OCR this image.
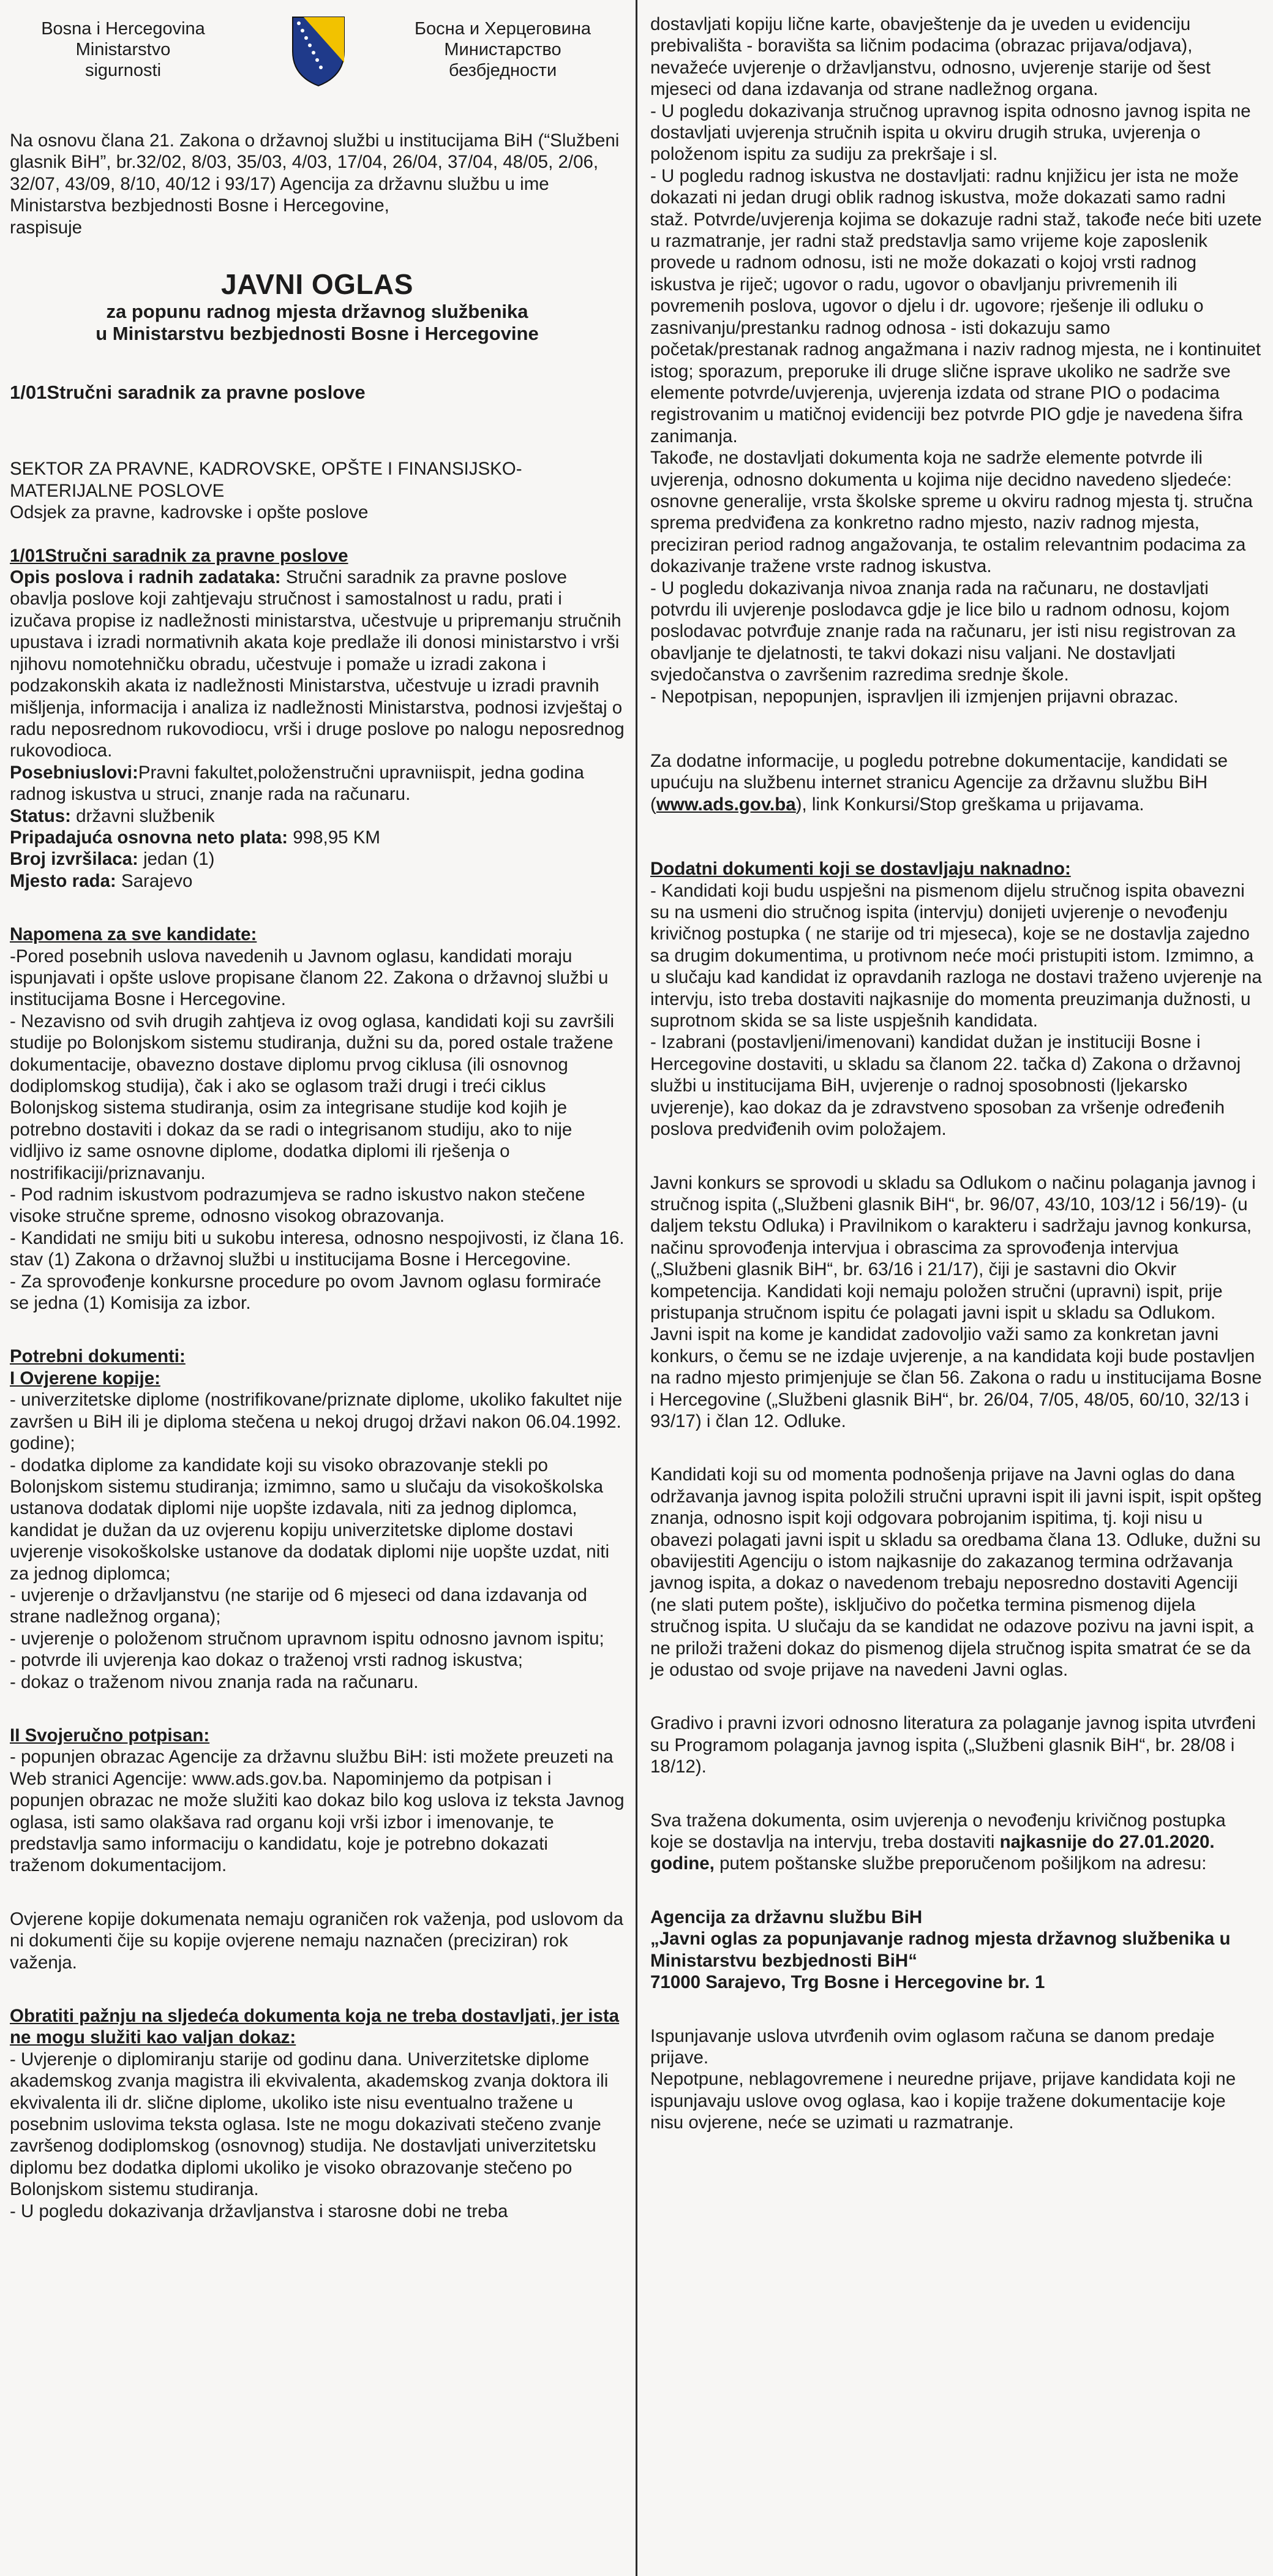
Bosna i Hercegovina
Ministarstvo
sigurnosti
Босна и Херцеговина
Министарство
безбједности

Na osnovu člana 21. Zakona o državnoj službi u institucijama BiH (“Službeni glasnik BiH”, br.32/02, 8/03, 35/03, 4/03, 17/04, 26/04, 37/04, 48/05, 2/06, 32/07, 43/09, 8/10, 40/12 i 93/17) Agencija za državnu službu u ime Ministarstva bezbjednosti Bosne i Hercegovine,

raspisuje

JAVNI OGLAS
za popunu radnog mjesta državnog službenika
u Ministarstvu bezbjednosti Bosne i Hercegovine
1/01Stručni saradnik za pravne poslove

SEKTOR ZA PRAVNE, KADROVSKE, OPŠTE I FINANSIJSKO-MATERIJALNE POSLOVE

Odsjek za pravne, kadrovske i opšte poslove

1/01Stručni saradnik za pravne poslove

Opis poslova i radnih zadataka: Stručni saradnik za pravne poslove obavlja poslove koji zahtjevaju stručnost i samostalnost u radu, prati i izučava propise iz nadležnosti ministarstva, učestvuje u pripremanju stručnih upustava i izradi normativnih akata koje predlaže ili donosi ministarstvo i vrši njihovu nomotehničku obradu, učestvuje i pomaže u izradi zakona i podzakonskih akata iz nadležnosti Ministarstva, učestvuje u izradi pravnih mišljenja, informacija i analiza iz nadležnosti Ministarstva, podnosi izvještaj o radu neposrednom rukovodiocu, vrši i druge poslove po nalogu neposrednog rukovodioca.

Posebniuslovi:Pravni fakultet,položenstručni upravniispit, jedna godina radnog iskustva u struci, znanje rada na računaru.

Status: državni službenik

Pripadajuća osnovna neto plata: 998,95 KM

Broj izvršilaca: jedan (1)

Mjesto rada: Sarajevo

Napomena za sve kandidate:

-Pored posebnih uslova navedenih u Javnom oglasu, kandidati moraju ispunjavati i opšte uslove propisane članom 22. Zakona o državnoj službi u institucijama Bosne i Hercegovine.

- Nezavisno od svih drugih zahtjeva iz ovog oglasa, kandidati koji su završili studije po Bolonjskom sistemu studiranja, dužni su da, pored ostale tražene dokumentacije, obavezno dostave diplomu prvog ciklusa (ili osnovnog dodiplomskog studija), čak i ako se oglasom traži drugi i treći ciklus Bolonjskog sistema studiranja, osim za integrisane studije kod kojih je potrebno dostaviti i dokaz da se radi o integrisanom studiju, ako to nije vidljivo iz same osnovne diplome, dodatka diplomi ili rješenja o nostrifikaciji/priznavanju.

- Pod radnim iskustvom podrazumjeva se radno iskustvo nakon stečene visoke stručne spreme, odnosno visokog obrazovanja.

- Kandidati ne smiju biti u sukobu interesa, odnosno nespojivosti, iz člana 16. stav (1) Zakona o državnoj službi u institucijama Bosne i Hercegovine.

- Za sprovođenje konkursne procedure po ovom Javnom oglasu formiraće se jedna (1) Komisija za izbor.

Potrebni dokumenti:

I Ovjerene kopije:

- univerzitetske diplome (nostrifikovane/priznate diplome, ukoliko fakultet nije završen u BiH ili je diploma stečena u nekoj drugoj državi nakon 06.04.1992. godine);

- dodatka diplome za kandidate koji su visoko obrazovanje stekli po Bolonjskom sistemu studiranja; izmimno, samo u slučaju da visokoškolska ustanova dodatak diplomi nije uopšte izdavala, niti za jednog diplomca, kandidat je dužan da uz ovjerenu kopiju univerzitetske diplome dostavi uvjerenje visokoškolske ustanove da dodatak diplomi nije uopšte uzdat, niti za jednog diplomca;

- uvjerenje o državljanstvu (ne starije od 6 mjeseci od dana izdavanja od strane nadležnog organa);

- uvjerenje o položenom stručnom upravnom ispitu odnosno javnom ispitu;

- potvrde ili uvjerenja kao dokaz o traženoj vrsti radnog iskustva;

- dokaz o traženom nivou znanja rada na računaru.

II Svojeručno potpisan:

- popunjen obrazac Agencije za državnu službu BiH: isti možete preuzeti na Web stranici Agencije: www.ads.gov.ba. Napominjemo da potpisan i popunjen obrazac ne može služiti kao dokaz bilo kog uslova iz teksta Javnog oglasa, isti samo olakšava rad organu koji vrši izbor i imenovanje, te predstavlja samo informaciju o kandidatu, koje je potrebno dokazati traženom dokumentacijom.

Ovjerene kopije dokumenata nemaju ograničen rok važenja, pod uslovom da ni dokumenti čije su kopije ovjerene nemaju naznačen (preciziran) rok važenja.

Obratiti pažnju na sljedeća dokumenta koja ne treba dostavljati, jer ista ne mogu služiti kao valjan dokaz:

- Uvjerenje o diplomiranju starije od godinu dana. Univerzitetske diplome akademskog zvanja magistra ili ekvivalenta, akademskog zvanja doktora ili ekvivalenta ili dr. slične diplome, ukoliko iste nisu eventualno tražene u posebnim uslovima teksta oglasa. Iste ne mogu dokazivati stečeno zvanje završenog dodiplomskog (osnovnog) studija. Ne dostavljati univerzitetsku diplomu bez dodatka diplomi ukoliko je visoko obrazovanje stečeno po Bolonjskom sistemu studiranja.

- U pogledu dokazivanja državljanstva i starosne dobi ne treba

dostavljati kopiju lične karte, obavještenje da je uveden u evidenciju prebivališta - boravišta sa ličnim podacima (obrazac prijava/odjava), nevažeće uvjerenje o državljanstvu, odnosno, uvjerenje starije od šest mjeseci od dana izdavanja od strane nadležnog organa.

- U pogledu dokazivanja stručnog upravnog ispita odnosno javnog ispita ne dostavljati uvjerenja stručnih ispita u okviru drugih struka, uvjerenja o položenom ispitu za sudiju za prekršaje i sl.

- U pogledu radnog iskustva ne dostavljati: radnu knjižicu jer ista ne može dokazati ni jedan drugi oblik radnog iskustva, može dokazati samo radni staž. Potvrde/uvjerenja kojima se dokazuje radni staž, takođe neće biti uzete u razmatranje, jer radni staž predstavlja samo vrijeme koje zaposlenik provede u radnom odnosu, isti ne može dokazati o kojoj vrsti radnog iskustva je riječ; ugovor o radu, ugovor o obavljanju privremenih ili povremenih poslova, ugovor o djelu i dr. ugovore; rješenje ili odluku o zasnivanju/prestanku radnog odnosa - isti dokazuju samo početak/prestanak radnog angažmana i naziv radnog mjesta, ne i kontinuitet istog; sporazum, preporuke ili druge slične isprave ukoliko ne sadrže sve elemente potvrde/uvjerenja, uvjerenja izdata od strane PIO o podacima registrovanim u matičnoj evidenciji bez potvrde PIO gdje je navedena šifra zanimanja.

Takođe, ne dostavljati dokumenta koja ne sadrže elemente potvrde ili uvjerenja, odnosno dokumenta u kojima nije decidno navedeno sljedeće: osnovne generalije, vrsta školske spreme u okviru radnog mjesta tj. stručna sprema predviđena za konkretno radno mjesto, naziv radnog mjesta, preciziran period radnog angažovanja, te ostalim relevantnim podacima za dokazivanje tražene vrste radnog iskustva.

- U pogledu dokazivanja nivoa znanja rada na računaru, ne dostavljati potvrdu ili uvjerenje poslodavca gdje je lice bilo u radnom odnosu, kojom poslodavac potvrđuje znanje rada na računaru, jer isti nisu registrovan za obavljanje te djelatnosti, te takvi dokazi nisu valjani. Ne dostavljati svjedočanstva o završenim razredima srednje škole.

- Nepotpisan, nepopunjen, ispravljen ili izmjenjen prijavni obrazac.

Za dodatne informacije, u pogledu potrebne dokumentacije, kandidati se upućuju na službenu internet stranicu Agencije za državnu službu BiH (www.ads.gov.ba), link Konkursi/Stop greškama u prijavama.

Dodatni dokumenti koji se dostavljaju naknadno:

- Kandidati koji budu uspješni na pismenom dijelu stručnog ispita obavezni su na usmeni dio stručnog ispita (intervju) donijeti uvjerenje o nevođenju krivičnog postupka ( ne starije od tri mjeseca), koje se ne dostavlja zajedno sa drugim dokumentima, u protivnom neće moći pristupiti istom. Izmimno, a u slučaju kad kandidat iz opravdanih razloga ne dostavi traženo uvjerenje na intervju, isto treba dostaviti najkasnije do momenta preuzimanja dužnosti, u suprotnom skida se sa liste uspješnih kandidata.

- Izabrani (postavljeni/imenovani) kandidat dužan je instituciji Bosne i Hercegovine dostaviti, u skladu sa članom 22. tačka d) Zakona o državnoj službi u institucijama BiH, uvjerenje o radnoj sposobnosti (ljekarsko uvjerenje), kao dokaz da je zdravstveno sposoban za vršenje određenih poslova predviđenih ovim položajem.

Javni konkurs se sprovodi u skladu sa Odlukom o načinu polaganja javnog i stručnog ispita („Službeni glasnik BiH“, br. 96/07, 43/10, 103/12 i 56/19)- (u daljem tekstu Odluka) i Pravilnikom o karakteru i sadržaju javnog konkursa, načinu sprovođenja intervjua i obrascima za sprovođenja intervjua („Službeni glasnik BiH“, br. 63/16 i 21/17), čiji je sastavni dio Okvir kompetencija. Kandidati koji nemaju položen stručni (upravni) ispit, prije pristupanja stručnom ispitu će polagati javni ispit u skladu sa Odlukom. Javni ispit na kome je kandidat zadovoljio važi samo za konkretan javni konkurs, o čemu se ne izdaje uvjerenje, a na kandidata koji bude postavljen na radno mjesto primjenjuje se član 56. Zakona o radu u institucijama Bosne i Hercegovine („Službeni glasnik BiH“, br. 26/04, 7/05, 48/05, 60/10, 32/13 i 93/17) i član 12. Odluke.

Kandidati koji su od momenta podnošenja prijave na Javni oglas do dana održavanja javnog ispita položili stručni upravni ispit ili javni ispit, ispit opštеg znanja, odnosno ispit koji odgovara pobrojanim ispitima, tj. koji nisu u obavezi polagati javni ispit u skladu sa oredbama člana 13. Odluke, dužni su obavijestiti Agenciju o istom najkasnije do zakazanog termina održavanja javnog ispita, a dokaz o navedenom trebaju neposredno dostaviti Agenciji (ne slati putem pošte), isključivo do početka termina pismenog dijela stručnog ispita. U slučaju da se kandidat ne odazove pozivu na javni ispit, a ne priloži traženi dokaz do pismenog dijela stručnog ispita smatrat će se da je odustao od svoje prijave na navedeni Javni oglas.

Gradivo i pravni izvori odnosno literatura za polaganje javnog ispita utvrđeni su Programom polaganja javnog ispita („Službeni glasnik BiH“, br. 28/08 i 18/12).

Sva tražena dokumenta, osim uvjerenja o nevođenju krivičnog postupka koje se dostavlja na intervju, treba dostaviti najkasnije do 27.01.2020. godine, putem poštanske službe preporučenom pošiljkom na adresu:

Agencija za državnu službu BiH

„Javni oglas za popunjavanje radnog mjesta državnog službenika u Ministarstvu bezbjednosti BiH“

71000 Sarajevo, Trg Bosne i Hercegovine br. 1

Ispunjavanje uslova utvrđenih ovim oglasom računa se danom predaje prijave.

Nepotpune, neblagovremene i neuredne prijave, prijave kandidata koji ne ispunjavaju uslove ovog oglasa, kao i kopije tražene dokumentacije koje nisu ovjerene, neće se uzimati u razmatranje.
